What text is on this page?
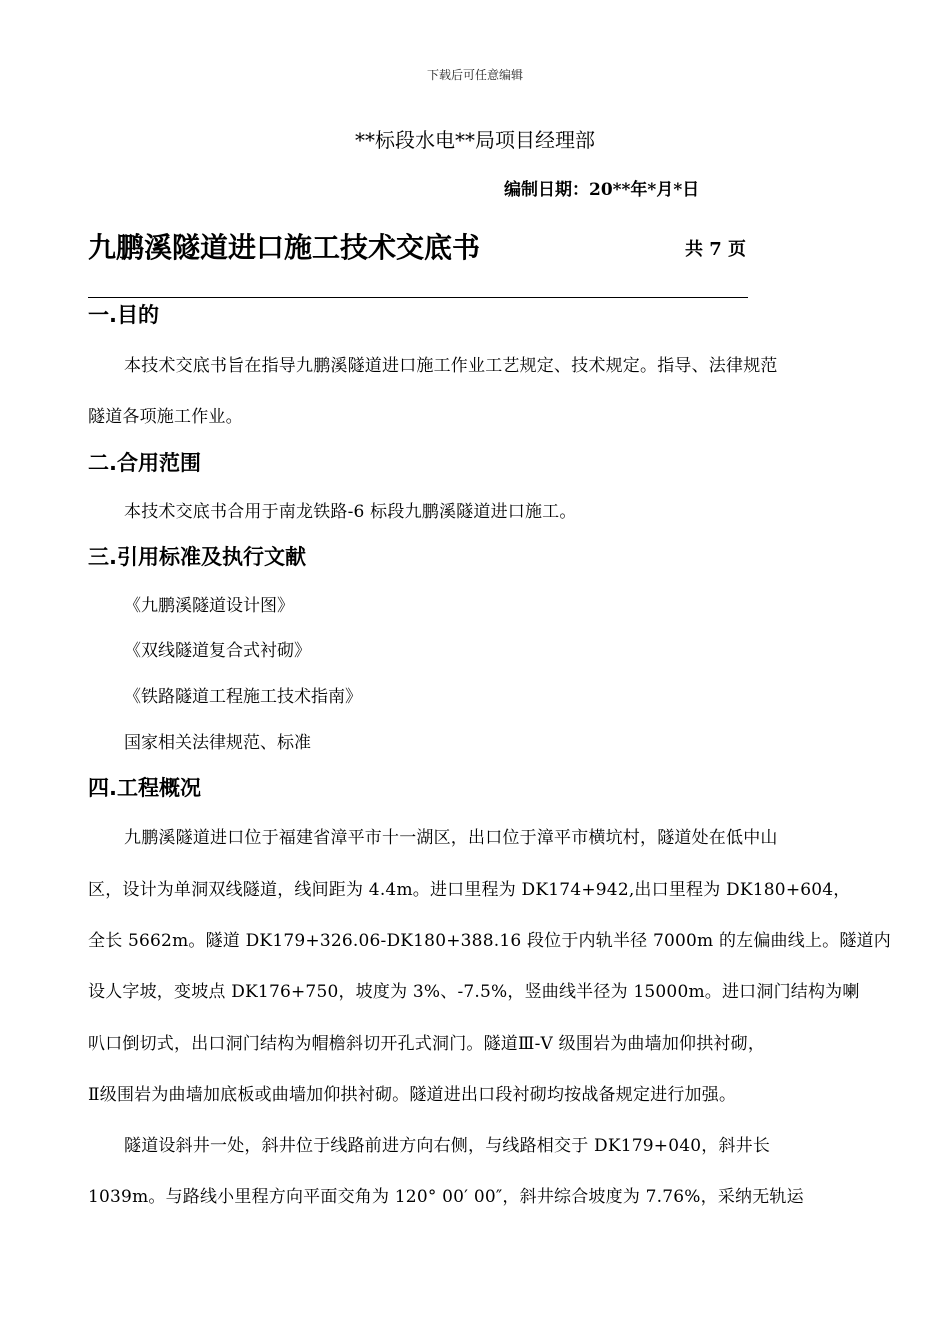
下载后可任意编辑
**标段水电**局项目经理部
编制日期：20**年*月*日
九鹏溪隧道进口施工技术交底书	共 7 页
一.目的
本技术交底书旨在指导九鹏溪隧道进口施工作业工艺规定、技术规定。指导、法律规范
隧道各项施工作业。
二.合用范围
本技术交底书合用于南龙铁路-6 标段九鹏溪隧道进口施工。
三.引用标准及执行文献
《九鹏溪隧道设计图》
《双线隧道复合式衬砌》
《铁路隧道工程施工技术指南》
国家相关法律规范、标准
四.工程概况
九鹏溪隧道进口位于福建省漳平市十一湖区，出口位于漳平市横坑村，隧道处在低中山
区，设计为单洞双线隧道，线间距为 4.4m。进口里程为 DK174+942,出口里程为 DK180+604，
全长 5662m。隧道 DK179+326.06-DK180+388.16 段位于内轨半径 7000m 的左偏曲线上。隧道内
设人字坡，变坡点 DK176+750，坡度为 3%、-7.5%，竖曲线半径为 15000m。进口洞门结构为喇
叭口倒切式，出口洞门结构为帽檐斜切开孔式洞门。隧道Ⅲ-Ⅴ 级围岩为曲墙加仰拱衬砌，
Ⅱ级围岩为曲墙加底板或曲墙加仰拱衬砌。隧道进出口段衬砌均按战备规定进行加强。
隧道设斜井一处，斜井位于线路前进方向右侧，与线路相交于 DK179+040，斜井长
1039m。与路线小里程方向平面交角为 120° 00′ 00″，斜井综合坡度为 7.76%，采纳无轨运
